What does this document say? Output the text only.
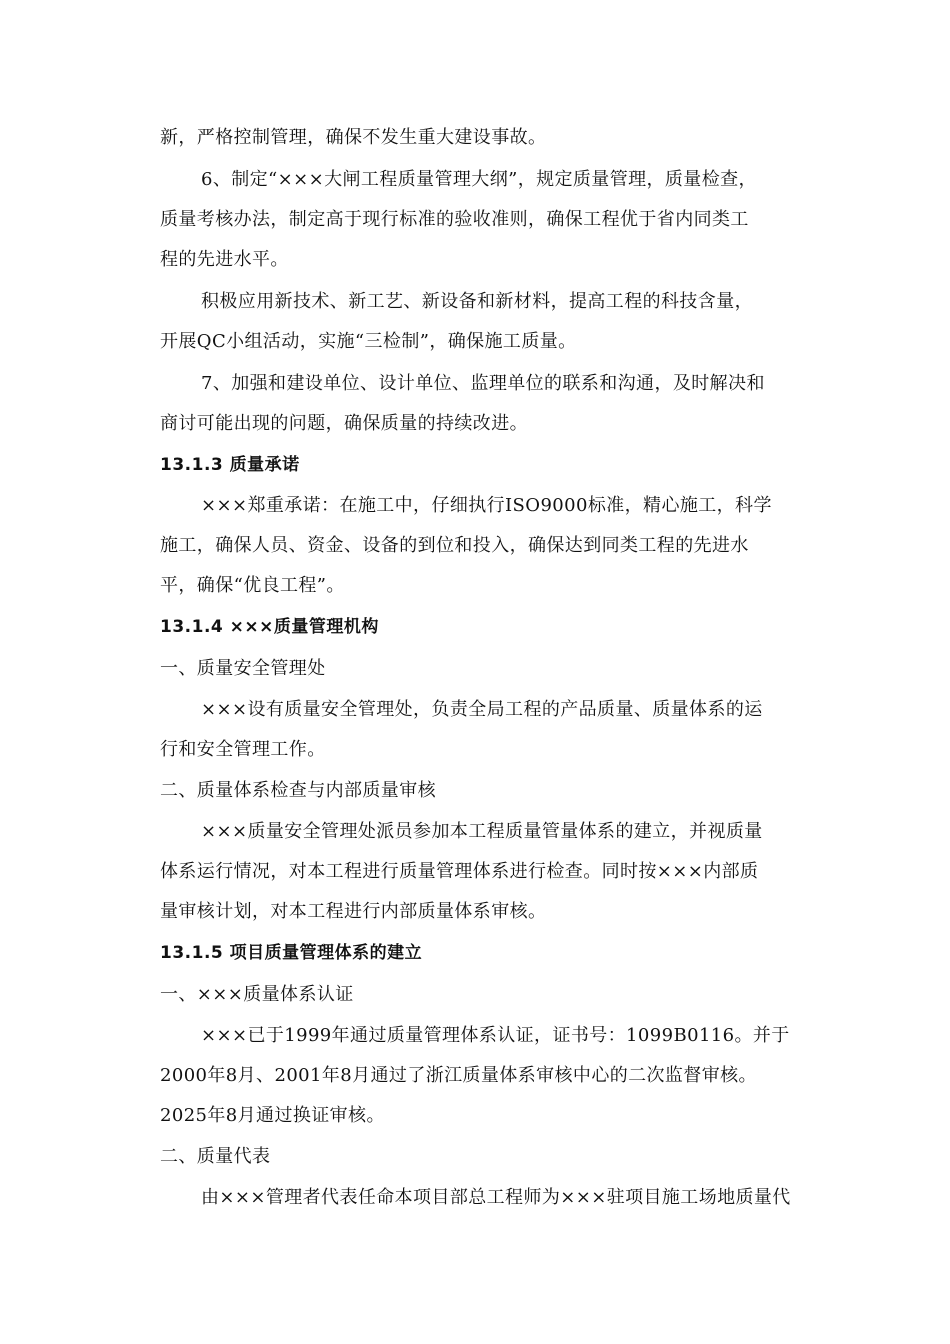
新，严格控制管理，确保不发生重大建设事故。

6、制定“×××大闸工程质量管理大纲”，规定质量管理，质量检查，
质量考核办法，制定高于现行标准的验收准则，确保工程优于省内同类工
程的先进水平。

积极应用新技术、新工艺、新设备和新材料，提高工程的科技含量，
开展QC小组活动，实施“三检制”，确保施工质量。

7、加强和建设单位、设计单位、监理单位的联系和沟通，及时解决和
商讨可能出现的问题，确保质量的持续改进。

13.1.3 质量承诺

×××郑重承诺：在施工中，仔细执行ISO9000标准，精心施工，科学
施工，确保人员、资金、设备的到位和投入，确保达到同类工程的先进水
平，确保“优良工程”。

13.1.4 ×××质量管理机构

一、质量安全管理处

×××设有质量安全管理处，负责全局工程的产品质量、质量体系的运
行和安全管理工作。

二、质量体系检查与内部质量审核

×××质量安全管理处派员参加本工程质量管量体系的建立，并视质量
体系运行情况，对本工程进行质量管理体系进行检查。同时按×××内部质
量审核计划，对本工程进行内部质量体系审核。

13.1.5 项目质量管理体系的建立

一、×××质量体系认证

×××已于1999年通过质量管理体系认证，证书号：1099B0116。并于
2000年8月、2001年8月通过了浙江质量体系审核中心的二次监督审核。
2025年8月通过换证审核。

二、质量代表

由×××管理者代表任命本项目部总工程师为×××驻项目施工场地质量代
